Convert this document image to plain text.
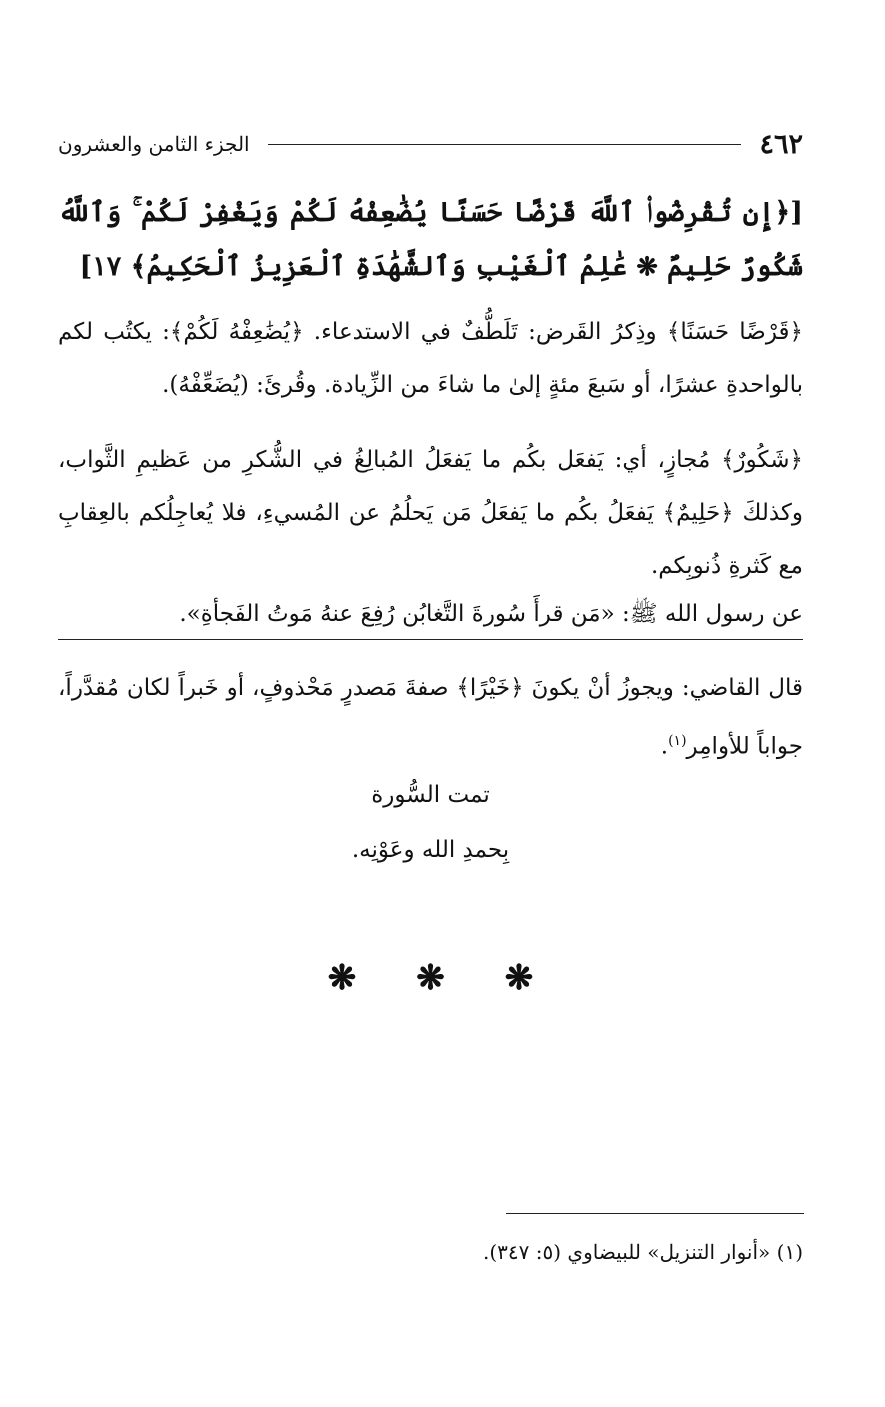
٤٦٢
الجزء الثامن والعشرون
[﴿إِن تُقْرِضُوا۟ ٱللَّهَ قَرْضًا حَسَنًا يُضَٰعِفْهُ لَكُمْ وَيَغْفِرْ لَكُمْ ۚ وَٱللَّهُ شَكُورٌ حَلِيمٌ ❋ عَٰلِمُ ٱلْغَيْبِ وَٱلشَّهَٰدَةِ ٱلْعَزِيزُ ٱلْحَكِيمُ﴾ ١٧]
﴿قَرْضًا حَسَنًا﴾ وذِكرُ القَرض: تَلَطُّفٌ في الاستدعاء. ﴿يُضَٰعِفْهُ لَكُمْ﴾: يكتُب لكم بالواحدةِ عشرًا، أو سَبعَ مئةٍ إلىٰ ما شاءَ من الزِّيادة. وقُرئَ: (يُضَعِّفْهُ).
﴿شَكُورٌ﴾ مُجازٍ، أي: يَفعَل بكُم ما يَفعَلُ المُبالِغُ في الشُّكرِ من عَظيمِ الثَّواب، وكذلكَ ﴿حَلِيمٌ﴾ يَفعَلُ بكُم ما يَفعَلُ مَن يَحلُمُ عن المُسيءِ، فلا يُعاجِلُكم بالعِقابِ مع كَثرةِ ذُنوبِكم.
عن رسول الله ﷺ: «مَن قرأَ سُورةَ التَّغابُن رُفِعَ عنهُ مَوتُ الفَجأةِ».
قال القاضي: ويجوزُ أنْ يكونَ ﴿خَيْرًا﴾ صفةَ مَصدرٍ مَحْذوفٍ، أو خَبراً لكان مُقدَّراً، جواباً للأوامِر$^{(١)}$.
تمت السُّورة
بِحمدِ الله وعَوْنِه.
❋
❋
❋
(١) «أنوار التنزيل» للبيضاوي (٥: ٣٤٧).
